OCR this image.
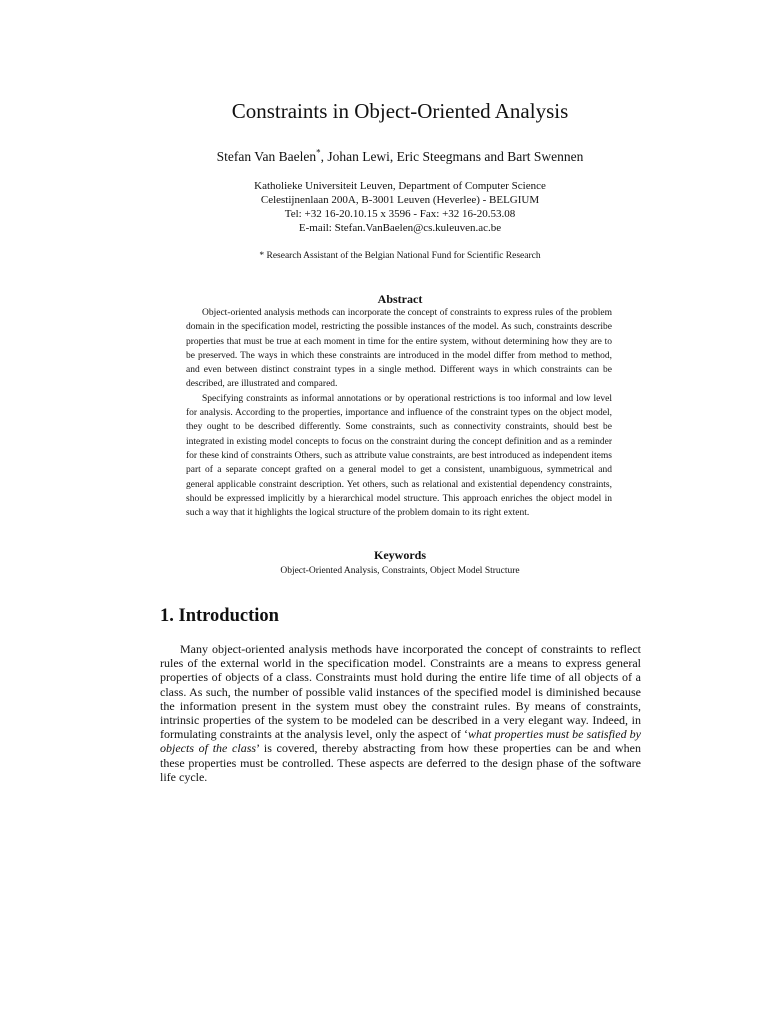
Constraints in Object-Oriented Analysis
Stefan Van Baelen*, Johan Lewi, Eric Steegmans and Bart Swennen
Katholieke Universiteit Leuven, Department of Computer Science
Celestijnenlaan 200A, B-3001 Leuven (Heverlee) - BELGIUM
Tel: +32 16-20.10.15 x 3596 - Fax: +32 16-20.53.08
E-mail: Stefan.VanBaelen@cs.kuleuven.ac.be
* Research Assistant of the Belgian National Fund for Scientific Research
Abstract

Object-oriented analysis methods can incorporate the concept of constraints to express rules of the problem domain in the specification model, restricting the possible instances of the model. As such, constraints describe properties that must be true at each moment in time for the entire system, without determining how they are to be preserved. The ways in which these constraints are introduced in the model differ from method to method, and even between distinct constraint types in a single method. Different ways in which constraints can be described, are illustrated and compared.

Specifying constraints as informal annotations or by operational restrictions is too informal and low level for analysis. According to the properties, importance and influence of the constraint types on the object model, they ought to be described differently. Some constraints, such as connectivity constraints, should best be integrated in existing model concepts to focus on the constraint during the concept definition and as a reminder for these kind of constraints Others, such as attribute value constraints, are best introduced as independent items part of a separate concept grafted on a general model to get a consistent, unambiguous, symmetrical and general applicable constraint description. Yet others, such as relational and existential dependency constraints, should be expressed implicitly by a hierarchical model structure. This approach enriches the object model in such a way that it highlights the logical structure of the problem domain to its right extent.

Keywords
Object-Oriented Analysis, Constraints, Object Model Structure
1. Introduction

Many object-oriented analysis methods have incorporated the concept of constraints to reflect rules of the external world in the specification model. Constraints are a means to express general properties of objects of a class. Constraints must hold during the entire life time of all objects of a class. As such, the number of possible valid instances of the specified model is diminished because the information present in the system must obey the constraint rules. By means of constraints, intrinsic properties of the system to be modeled can be described in a very elegant way. Indeed, in formulating constraints at the analysis level, only the aspect of ‘what properties must be satisfied by objects of the class’ is covered, thereby abstracting from how these properties can be and when these properties must be controlled. These aspects are deferred to the design phase of the software life cycle.
